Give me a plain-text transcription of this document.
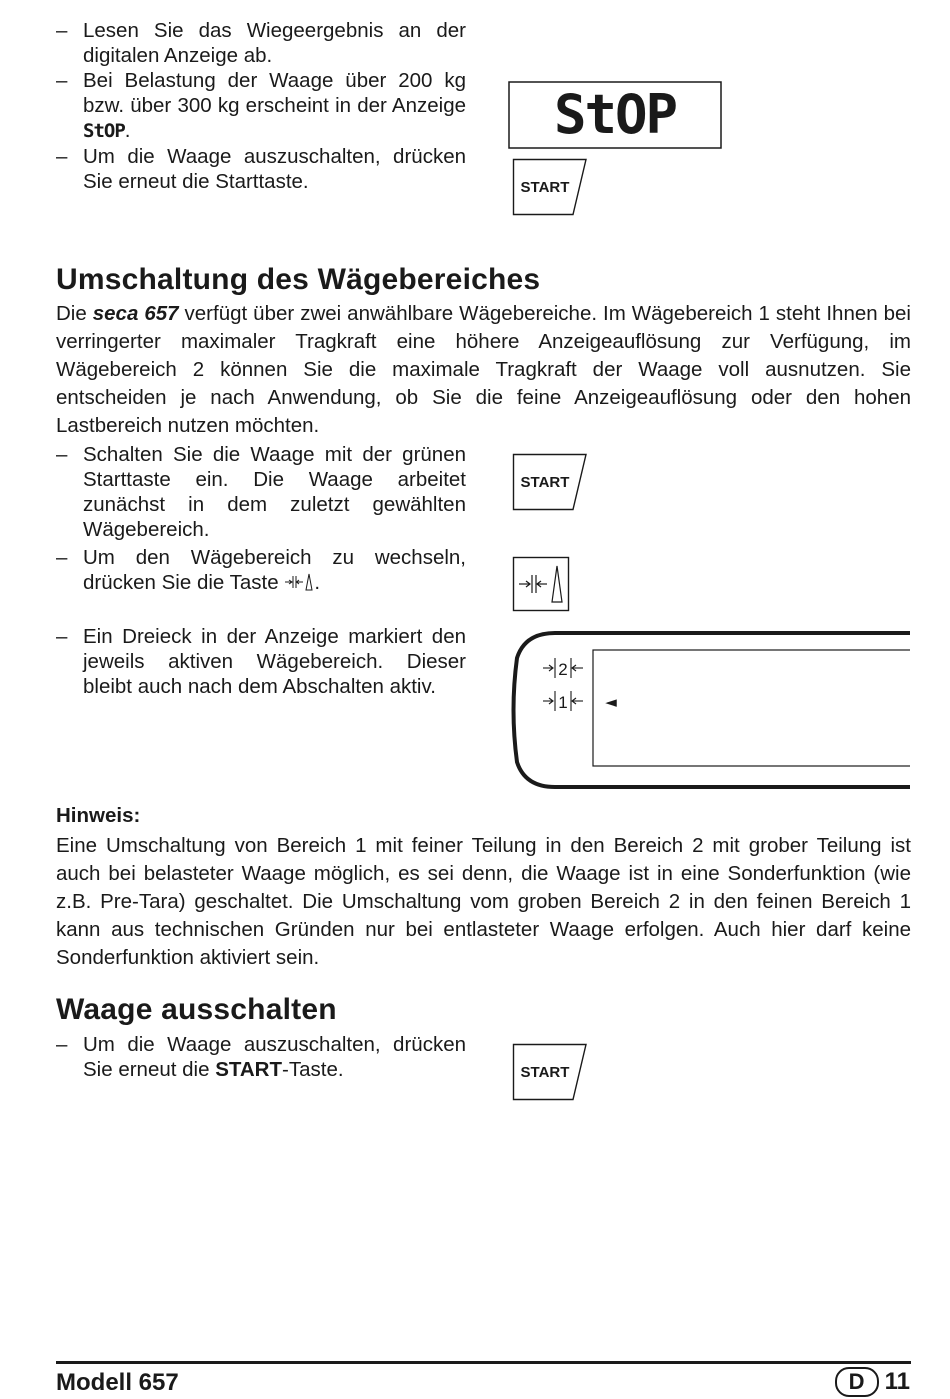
– Lesen Sie das Wiegeergebnis an der digitalen Anzeige ab.
– Bei Belastung der Waage über 200 kg bzw. über 300 kg erscheint in der Anzeige StOP.
– Um die Waage auszuschalten, drücken Sie erneut die Starttaste.
StOP
START
Umschaltung des Wägebereiches
Die seca 657 verfügt über zwei anwählbare Wägebereiche. Im Wägebereich 1 steht Ihnen bei verringerter maximaler Tragkraft eine höhere Anzeigeauflösung zur Verfügung, im Wägebereich 2 können Sie die maximale Tragkraft der Waage voll ausnutzen. Sie entscheiden je nach Anwendung, ob Sie die feine Anzeigeauflösung oder den hohen Lastbereich nutzen möchten.
– Schalten Sie die Waage mit der grünen Starttaste ein. Die Waage arbeitet zunächst in dem zuletzt gewählten Wägebereich.
– Um den Wägebereich zu wechseln, drücken Sie die Taste .
– Ein Dreieck in der Anzeige markiert den jeweils aktiven Wägebereich. Dieser bleibt auch nach dem Abschalten aktiv.
START
2
1 ◄
Hinweis:
Eine Umschaltung von Bereich 1 mit feiner Teilung in den Bereich 2 mit grober Teilung ist auch bei belasteter Waage möglich, es sei denn, die Waage ist in eine Sonderfunktion (wie z.B. Pre-Tara) geschaltet. Die Umschaltung vom groben Bereich 2 in den feinen Bereich 1 kann aus technischen Gründen nur bei entlasteter Waage erfolgen. Auch hier darf keine Sonderfunktion aktiviert sein.
Waage ausschalten
– Um die Waage auszuschalten, drücken Sie erneut die START-Taste.	START
Modell 657	D 11
